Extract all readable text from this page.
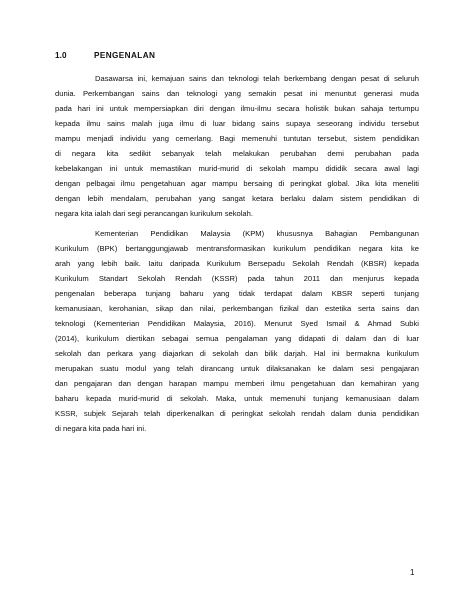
1.0	PENGENALAN
Dasawarsa ini, kemajuan sains dan teknologi telah berkembang dengan pesat di seluruh
dunia. Perkembangan sains dan teknologi yang semakin pesat ini menuntut generasi muda
pada hari ini untuk mempersiapkan diri dengan ilmu-ilmu secara holistik bukan sahaja tertumpu
kepada ilmu sains malah juga ilmu di luar bidang sains supaya seseorang individu tersebut
mampu menjadi individu yang cemerlang. Bagi memenuhi tuntutan tersebut, sistem pendidikan
di negara kita sedikit sebanyak telah melakukan perubahan demi perubahan pada
kebelakangan ini untuk memastikan murid-murid di sekolah mampu dididik secara awal lagi
dengan pelbagai ilmu pengetahuan agar mampu bersaing di peringkat global. Jika kita meneliti
dengan lebih mendalam, perubahan yang sangat ketara berlaku dalam sistem pendidikan di
negara kita ialah dari segi perancangan kurikulum sekolah.
Kementerian Pendidikan Malaysia (KPM) khususnya Bahagian Pembangunan
Kurikulum (BPK) bertanggungjawab mentransformasikan kurikulum pendidikan negara kita ke
arah yang lebih baik. Iaitu daripada Kurikulum Bersepadu Sekolah Rendah (KBSR) kepada
Kurikulum Standart Sekolah Rendah (KSSR) pada tahun 2011 dan menjurus kepada
pengenalan beberapa tunjang baharu yang tidak terdapat dalam KBSR seperti tunjang
kemanusiaan, kerohanian, sikap dan nilai, perkembangan fizikal dan estetika serta sains dan
teknologi (Kementerian Pendidikan Malaysia, 2016). Menurut Syed Ismail & Ahmad Subki
(2014), kurikulum diertikan sebagai semua pengalaman yang didapati di dalam dan di luar
sekolah dan perkara yang diajarkan di sekolah dan bilik darjah. Hal ini bermakna kurikulum
merupakan suatu modul yang telah dirancang untuk dilaksanakan ke dalam sesi pengajaran
dan pengajaran dan dengan harapan mampu memberi ilmu pengetahuan dan kemahiran yang
baharu kepada murid-murid di sekolah. Maka, untuk memenuhi tunjang kemanusiaan dalam
KSSR, subjek Sejarah telah diperkenalkan di peringkat sekolah rendah dalam dunia pendidikan
di negara kita pada hari ini.
1
